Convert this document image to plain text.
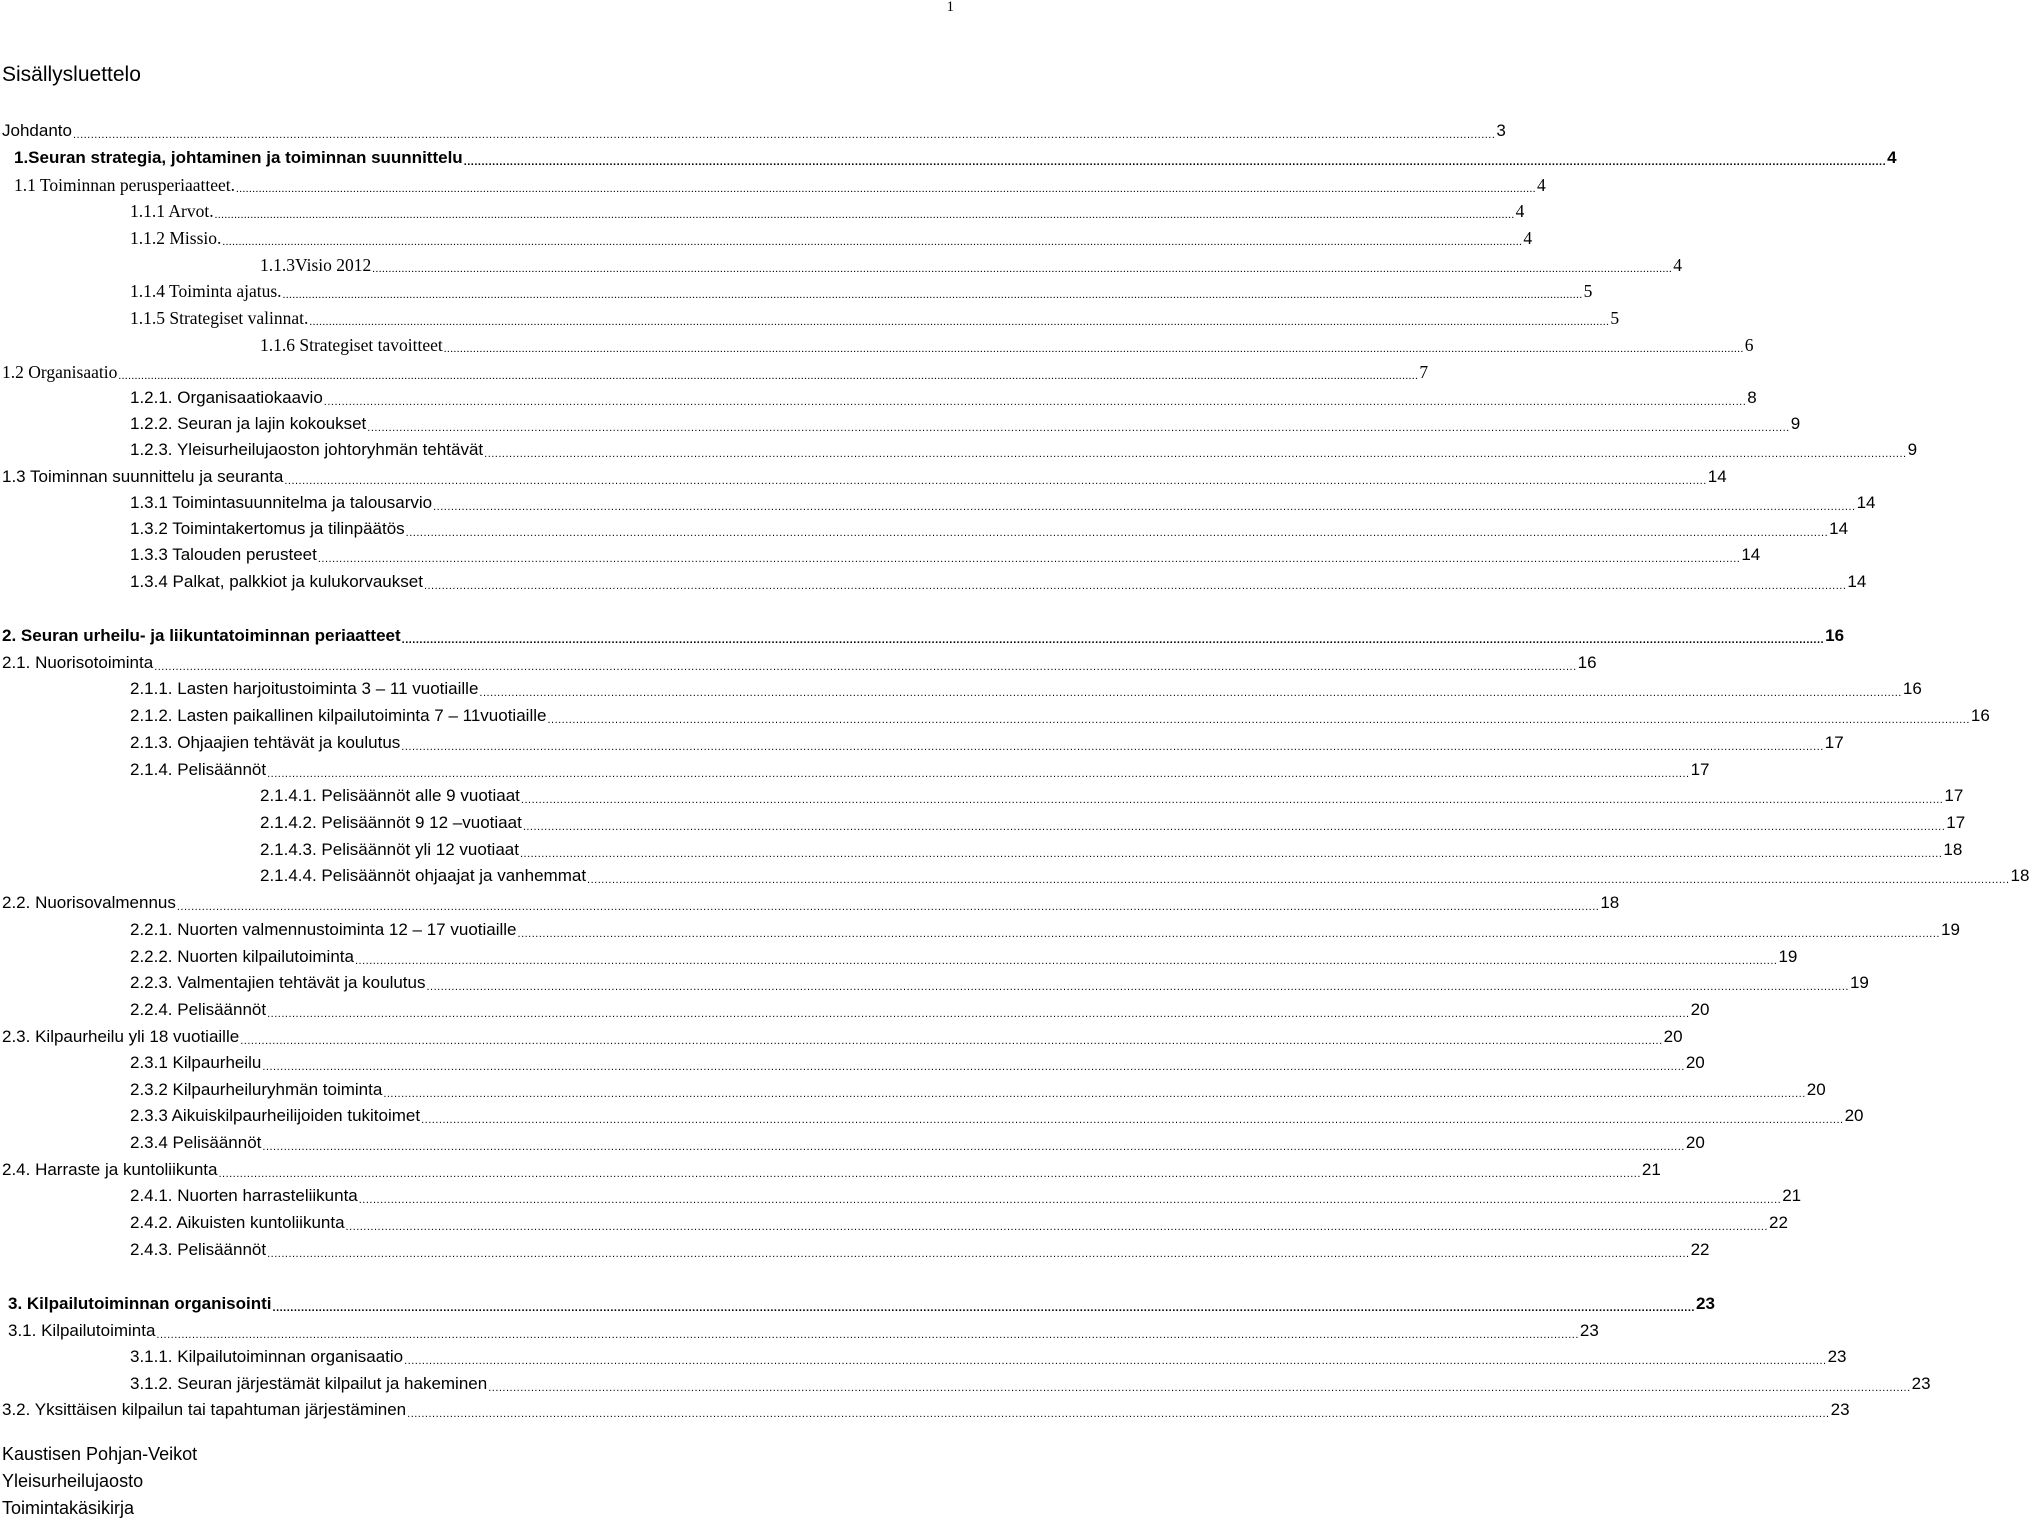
1
Sisällysluettelo
Johdanto ................................................................................................................................................................................................................................................................................................................................................................................................................ 3
1.Seuran strategia, johtaminen ja toiminnan suunnittelu ................................................................................................................................................................................................................................................................................................................................................................................................................ 4
1.1 Toiminnan perusperiaatteet. ................................................................................................................................................................................................................................................................................................................................................................................................................ 4
1.1.1 Arvot. ................................................................................................................................................................................................................................................................................................................................................................................................................ 4
1.1.2 Missio. ................................................................................................................................................................................................................................................................................................................................................................................................................ 4
1.1.3Visio 2012 ................................................................................................................................................................................................................................................................................................................................................................................................................ 4
1.1.4 Toiminta ajatus. ................................................................................................................................................................................................................................................................................................................................................................................................................ 5
1.1.5 Strategiset valinnat. ................................................................................................................................................................................................................................................................................................................................................................................................................ 5
1.1.6 Strategiset tavoitteet ................................................................................................................................................................................................................................................................................................................................................................................................................ 6
1.2 Organisaatio ................................................................................................................................................................................................................................................................................................................................................................................................................ 7
1.2.1. Organisaatiokaavio ................................................................................................................................................................................................................................................................................................................................................................................................................ 8
1.2.2. Seuran ja lajin kokoukset ................................................................................................................................................................................................................................................................................................................................................................................................................ 9
1.2.3. Yleisurheilujaoston johtoryhmän tehtävät ................................................................................................................................................................................................................................................................................................................................................................................................................ 9
1.3 Toiminnan suunnittelu ja seuranta ................................................................................................................................................................................................................................................................................................................................................................................................................ 14
1.3.1 Toimintasuunnitelma ja talousarvio ................................................................................................................................................................................................................................................................................................................................................................................................................ 14
1.3.2 Toimintakertomus ja tilinpäätös ................................................................................................................................................................................................................................................................................................................................................................................................................ 14
1.3.3 Talouden perusteet ................................................................................................................................................................................................................................................................................................................................................................................................................ 14
1.3.4 Palkat, palkkiot ja kulukorvaukset ................................................................................................................................................................................................................................................................................................................................................................................................................ 14
2. Seuran urheilu- ja liikuntatoiminnan periaatteet ................................................................................................................................................................................................................................................................................................................................................................................................................ 16
2.1. Nuorisotoiminta ................................................................................................................................................................................................................................................................................................................................................................................................................ 16
2.1.1. Lasten harjoitustoiminta 3 – 11 vuotiaille ................................................................................................................................................................................................................................................................................................................................................................................................................ 16
2.1.2. Lasten paikallinen kilpailutoiminta 7 – 11vuotiaille ................................................................................................................................................................................................................................................................................................................................................................................................................ 16
2.1.3. Ohjaajien tehtävät ja koulutus ................................................................................................................................................................................................................................................................................................................................................................................................................ 17
2.1.4. Pelisäännöt ................................................................................................................................................................................................................................................................................................................................................................................................................ 17
2.1.4.1. Pelisäännöt alle 9 vuotiaat ................................................................................................................................................................................................................................................................................................................................................................................................................ 17
2.1.4.2. Pelisäännöt 9 12 –vuotiaat ................................................................................................................................................................................................................................................................................................................................................................................................................ 17
2.1.4.3. Pelisäännöt yli 12 vuotiaat ................................................................................................................................................................................................................................................................................................................................................................................................................ 18
2.1.4.4. Pelisäännöt ohjaajat ja vanhemmat ................................................................................................................................................................................................................................................................................................................................................................................................................ 18
2.2. Nuorisovalmennus ................................................................................................................................................................................................................................................................................................................................................................................................................ 18
2.2.1. Nuorten valmennustoiminta 12 – 17 vuotiaille ................................................................................................................................................................................................................................................................................................................................................................................................................ 19
2.2.2. Nuorten kilpailutoiminta ................................................................................................................................................................................................................................................................................................................................................................................................................ 19
2.2.3. Valmentajien tehtävät ja koulutus ................................................................................................................................................................................................................................................................................................................................................................................................................ 19
2.2.4. Pelisäännöt ................................................................................................................................................................................................................................................................................................................................................................................................................ 20
2.3. Kilpaurheilu yli 18 vuotiaille ................................................................................................................................................................................................................................................................................................................................................................................................................ 20
2.3.1 Kilpaurheilu ................................................................................................................................................................................................................................................................................................................................................................................................................ 20
2.3.2 Kilpaurheiluryhmän toiminta ................................................................................................................................................................................................................................................................................................................................................................................................................ 20
2.3.3 Aikuiskilpaurheilijoiden tukitoimet ................................................................................................................................................................................................................................................................................................................................................................................................................ 20
2.3.4 Pelisäännöt ................................................................................................................................................................................................................................................................................................................................................................................................................ 20
2.4. Harraste ja kuntoliikunta ................................................................................................................................................................................................................................................................................................................................................................................................................ 21
2.4.1. Nuorten harrasteliikunta ................................................................................................................................................................................................................................................................................................................................................................................................................ 21
2.4.2. Aikuisten kuntoliikunta ................................................................................................................................................................................................................................................................................................................................................................................................................ 22
2.4.3. Pelisäännöt ................................................................................................................................................................................................................................................................................................................................................................................................................ 22
3. Kilpailutoiminnan organisointi ................................................................................................................................................................................................................................................................................................................................................................................................................ 23
3.1. Kilpailutoiminta ................................................................................................................................................................................................................................................................................................................................................................................................................ 23
3.1.1. Kilpailutoiminnan organisaatio ................................................................................................................................................................................................................................................................................................................................................................................................................ 23
3.1.2. Seuran järjestämät kilpailut ja hakeminen ................................................................................................................................................................................................................................................................................................................................................................................................................ 23
3.2. Yksittäisen kilpailun tai tapahtuman järjestäminen ................................................................................................................................................................................................................................................................................................................................................................................................................ 23
Kaustisen Pohjan-Veikot
Yleisurheilujaosto
Toimintakäsikirja
